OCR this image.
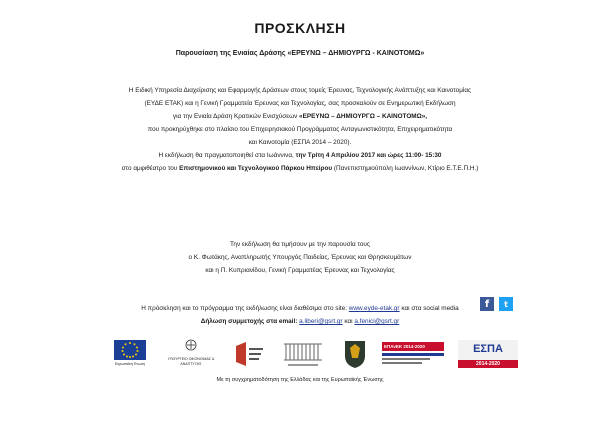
ΠΡΟΣΚΛΗΣΗ
Παρουσίαση της Ενιαίας Δράσης «ΕΡΕΥΝΩ – ΔΗΜΙΟΥΡΓΩ - ΚΑΙΝΟΤΟΜΩ»
Η Ειδική Υπηρεσία Διαχείρισης και Εφαρμογής Δράσεων στους τομείς Έρευνας, Τεχνολογικής Ανάπτυξης και Καινοτομίας
(ΕΥΔΕ ΕΤΑΚ) και η Γενική Γραμματεία Έρευνας και Τεχνολογίας, σας προσκαλούν σε Ενημερωτική Εκδήλωση
για την Ενιαία Δράση Κρατικών Ενισχύσεων «ΕΡΕΥΝΩ – ΔΗΜΙΟΥΡΓΩ – ΚΑΙΝΟΤΟΜΩ»,
που προκηρύχθηκε στο πλαίσιο του Επιχειρησιακού Προγράμματος Ανταγωνιστικότητα, Επιχειρηματικότητα
και Καινοτομία (ΕΣΠΑ 2014 – 2020).
Η εκδήλωση θα πραγματοποιηθεί στα Ιωάννινα, την Τρίτη 4 Απριλίου 2017 και ώρες 11:00- 15:30
στο αμφιθέατρο του Επιστημονικού και Τεχνολογικού Πάρκου Ηπείρου (Πανεπιστημιούπολη Ιωαννίνων, Κτίριο Ε.Τ.Ε.Π.Η.)
Την εκδήλωση θα τιμήσουν με την παρουσία τους
ο Κ. Φωτάκης, Αναπληρωτής Υπουργός Παιδείας, Έρευνας και Θρησκευμάτων
και η Π. Κυπριανίδου, Γενική Γραμματέας Έρευνας και Τεχνολογίας
Η πρόσκληση και το πρόγραμμα της εκδήλωσης είναι διαθέσιμα στο site: www.eyde-etak.gr και στα social media
Δήλωση συμμετοχής στα email: a.liberi@gsrt.gr και a.fenici@gsrt.gr
f	t
Ευρωπαϊκή Ένωση
ΥΠΟΥΡΓΕΙΟ ΟΙΚΟΝΟΜΙΑΣ & ΑΝΑΠΤΥΞΗΣ
ΕΠΑνΕΚ 2014-2020	ΕΣΠΑ
2014-2020
Με τη συγχρηματοδότηση της Ελλάδας και της Ευρωπαϊκής Ένωσης
